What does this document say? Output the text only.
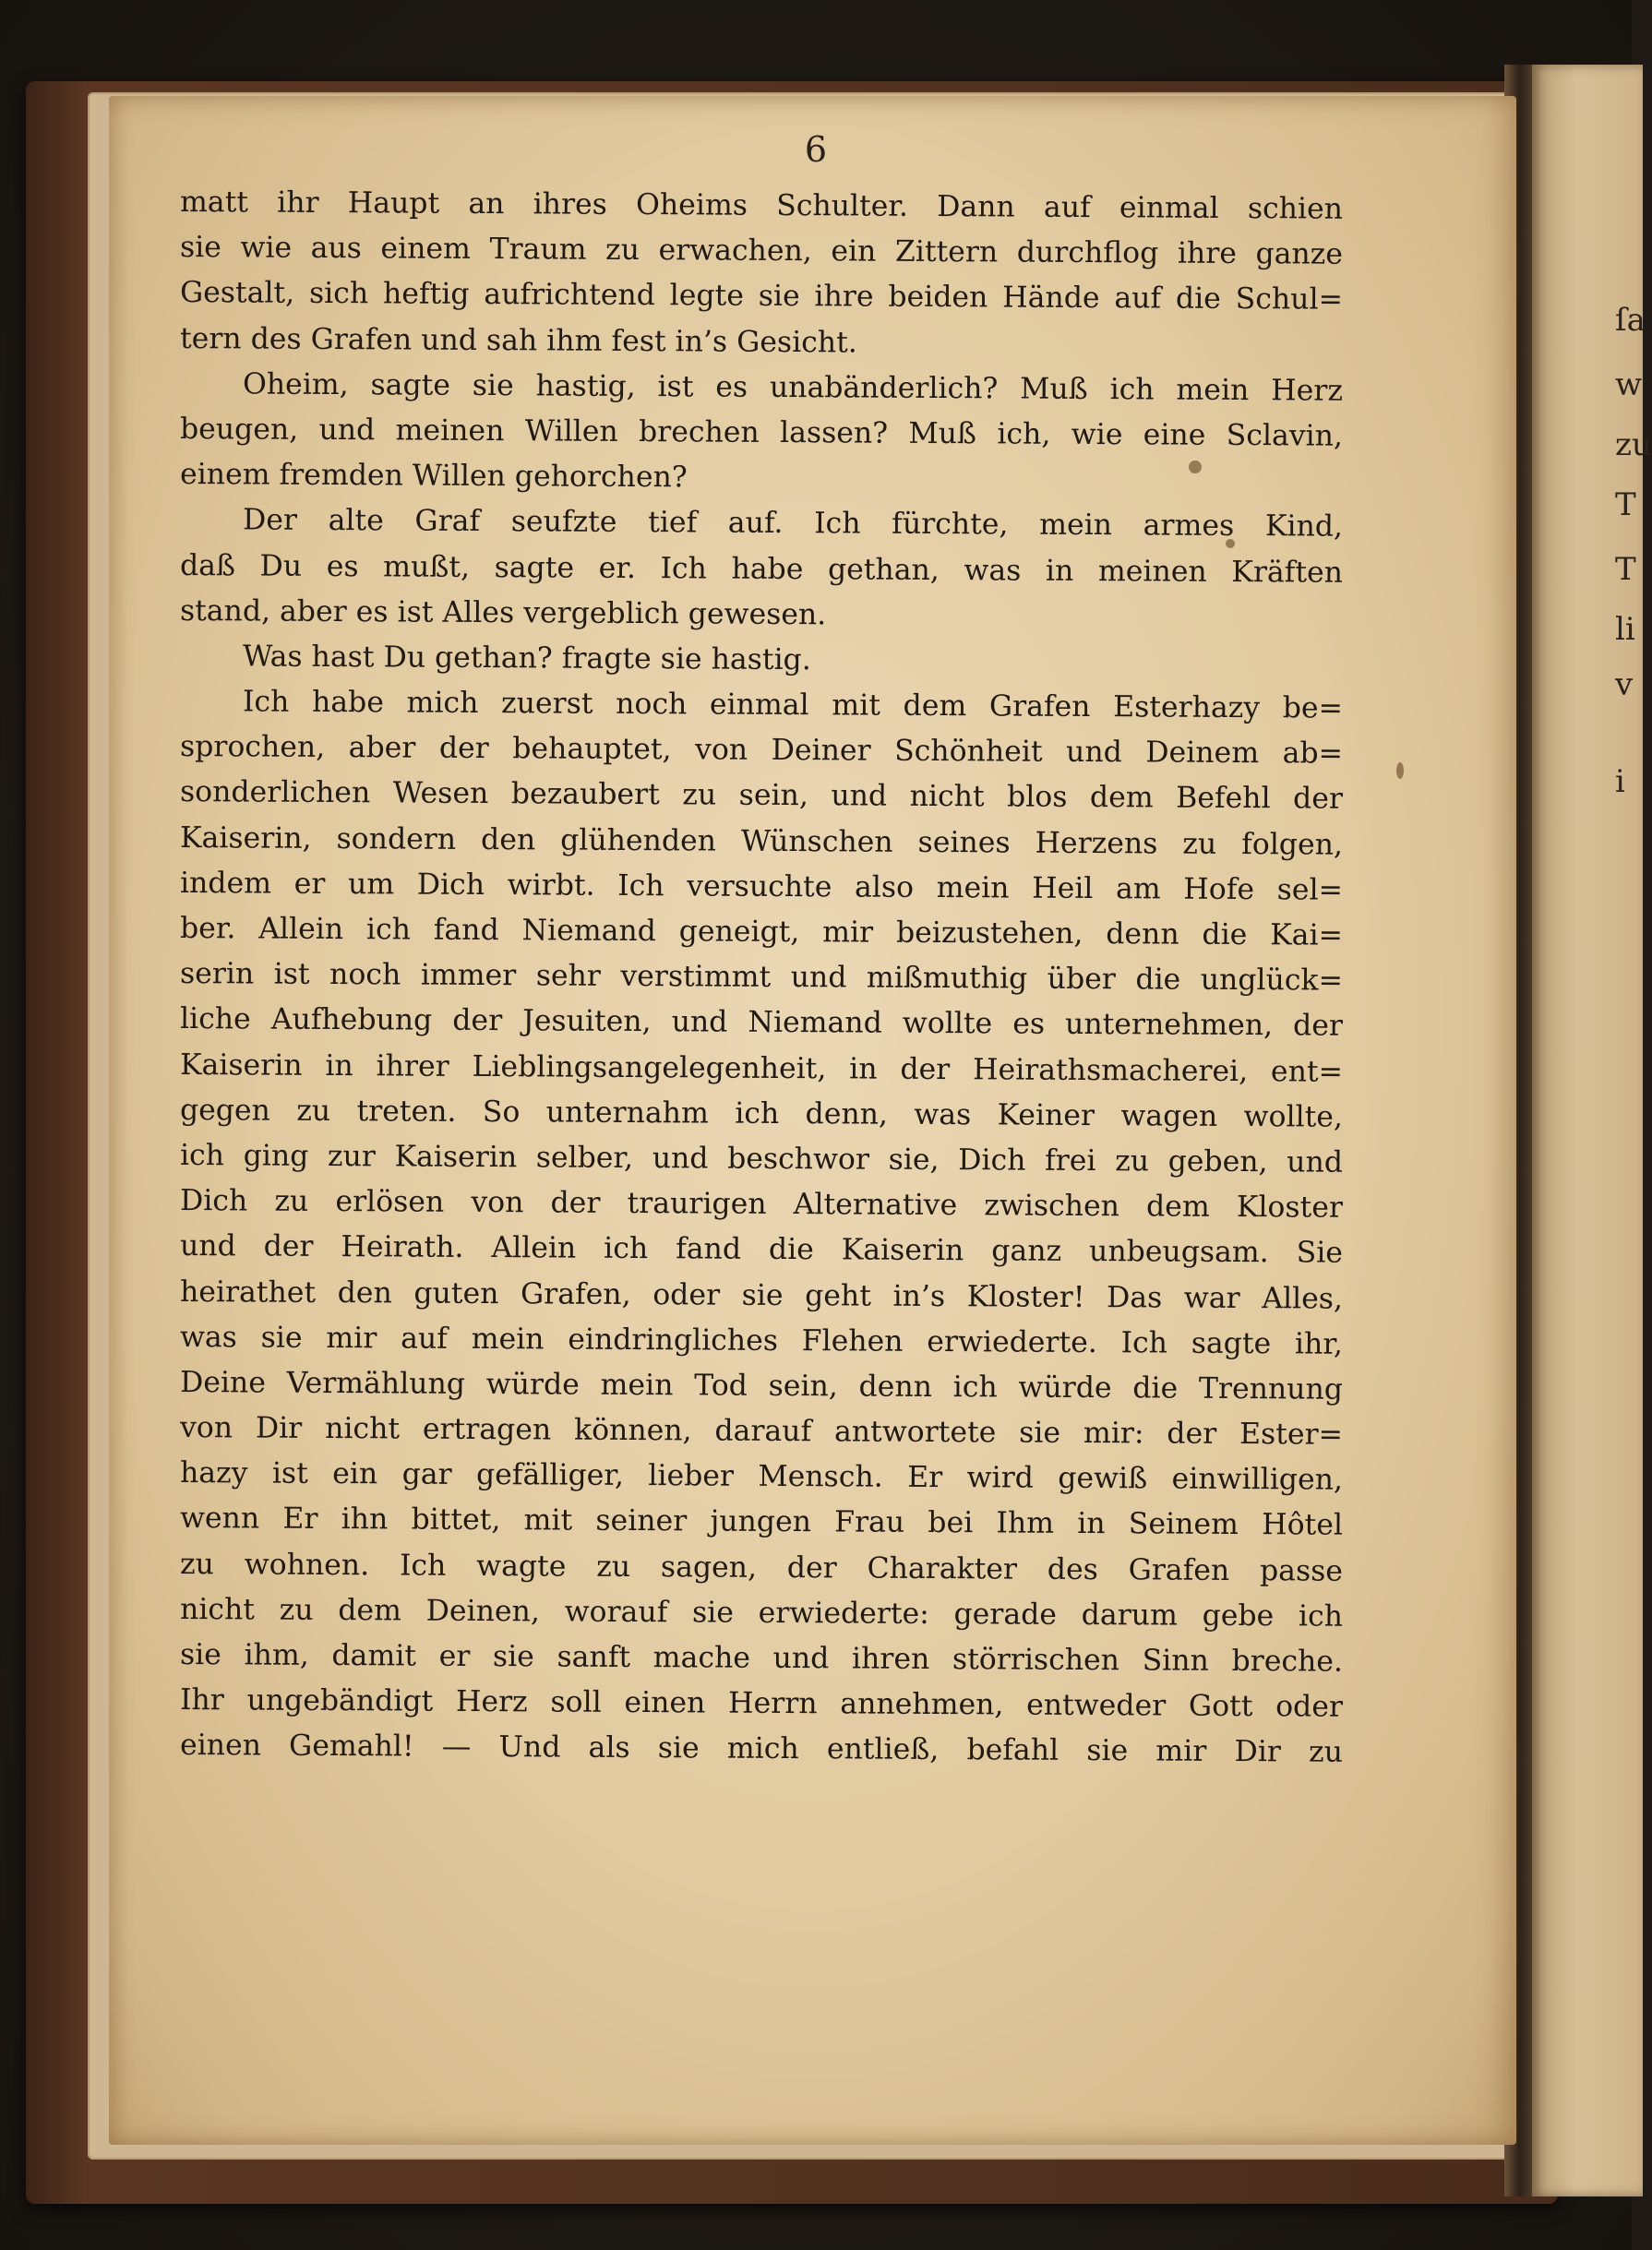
ſa
w
zu
T
T
li
v
i
6
matt ihr Haupt an ihres Oheims Schulter. Dann auf einmal schien
sie wie aus einem Traum zu erwachen, ein Zittern durchflog ihre ganze
Gestalt, sich heftig aufrichtend legte sie ihre beiden Hände auf die Schul=
tern des Grafen und sah ihm fest in’s Gesicht.
Oheim, sagte sie hastig, ist es unabänderlich? Muß ich mein Herz
beugen, und meinen Willen brechen lassen? Muß ich, wie eine Sclavin,
einem fremden Willen gehorchen?
Der alte Graf seufzte tief auf. Ich fürchte, mein armes Kind,
daß Du es mußt, sagte er. Ich habe gethan, was in meinen Kräften
stand, aber es ist Alles vergeblich gewesen.
Was hast Du gethan? fragte sie hastig.
Ich habe mich zuerst noch einmal mit dem Grafen Esterhazy be=
sprochen, aber der behauptet, von Deiner Schönheit und Deinem ab=
sonderlichen Wesen bezaubert zu sein, und nicht blos dem Befehl der
Kaiserin, sondern den glühenden Wünschen seines Herzens zu folgen,
indem er um Dich wirbt. Ich versuchte also mein Heil am Hofe sel=
ber. Allein ich fand Niemand geneigt, mir beizustehen, denn die Kai=
serin ist noch immer sehr verstimmt und mißmuthig über die unglück=
liche Aufhebung der Jesuiten, und Niemand wollte es unternehmen, der
Kaiserin in ihrer Lieblingsangelegenheit, in der Heirathsmacherei, ent=
gegen zu treten. So unternahm ich denn, was Keiner wagen wollte,
ich ging zur Kaiserin selber, und beschwor sie, Dich frei zu geben, und
Dich zu erlösen von der traurigen Alternative zwischen dem Kloster
und der Heirath. Allein ich fand die Kaiserin ganz unbeugsam. Sie
heirathet den guten Grafen, oder sie geht in’s Kloster! Das war Alles,
was sie mir auf mein eindringliches Flehen erwiederte. Ich sagte ihr,
Deine Vermählung würde mein Tod sein, denn ich würde die Trennung
von Dir nicht ertragen können, darauf antwortete sie mir: der Ester=
hazy ist ein gar gefälliger, lieber Mensch. Er wird gewiß einwilligen,
wenn Er ihn bittet, mit seiner jungen Frau bei Ihm in Seinem Hôtel
zu wohnen. Ich wagte zu sagen, der Charakter des Grafen passe
nicht zu dem Deinen, worauf sie erwiederte: gerade darum gebe ich
sie ihm, damit er sie sanft mache und ihren störrischen Sinn breche.
Ihr ungebändigt Herz soll einen Herrn annehmen, entweder Gott oder
einen Gemahl! — Und als sie mich entließ, befahl sie mir Dir zu
